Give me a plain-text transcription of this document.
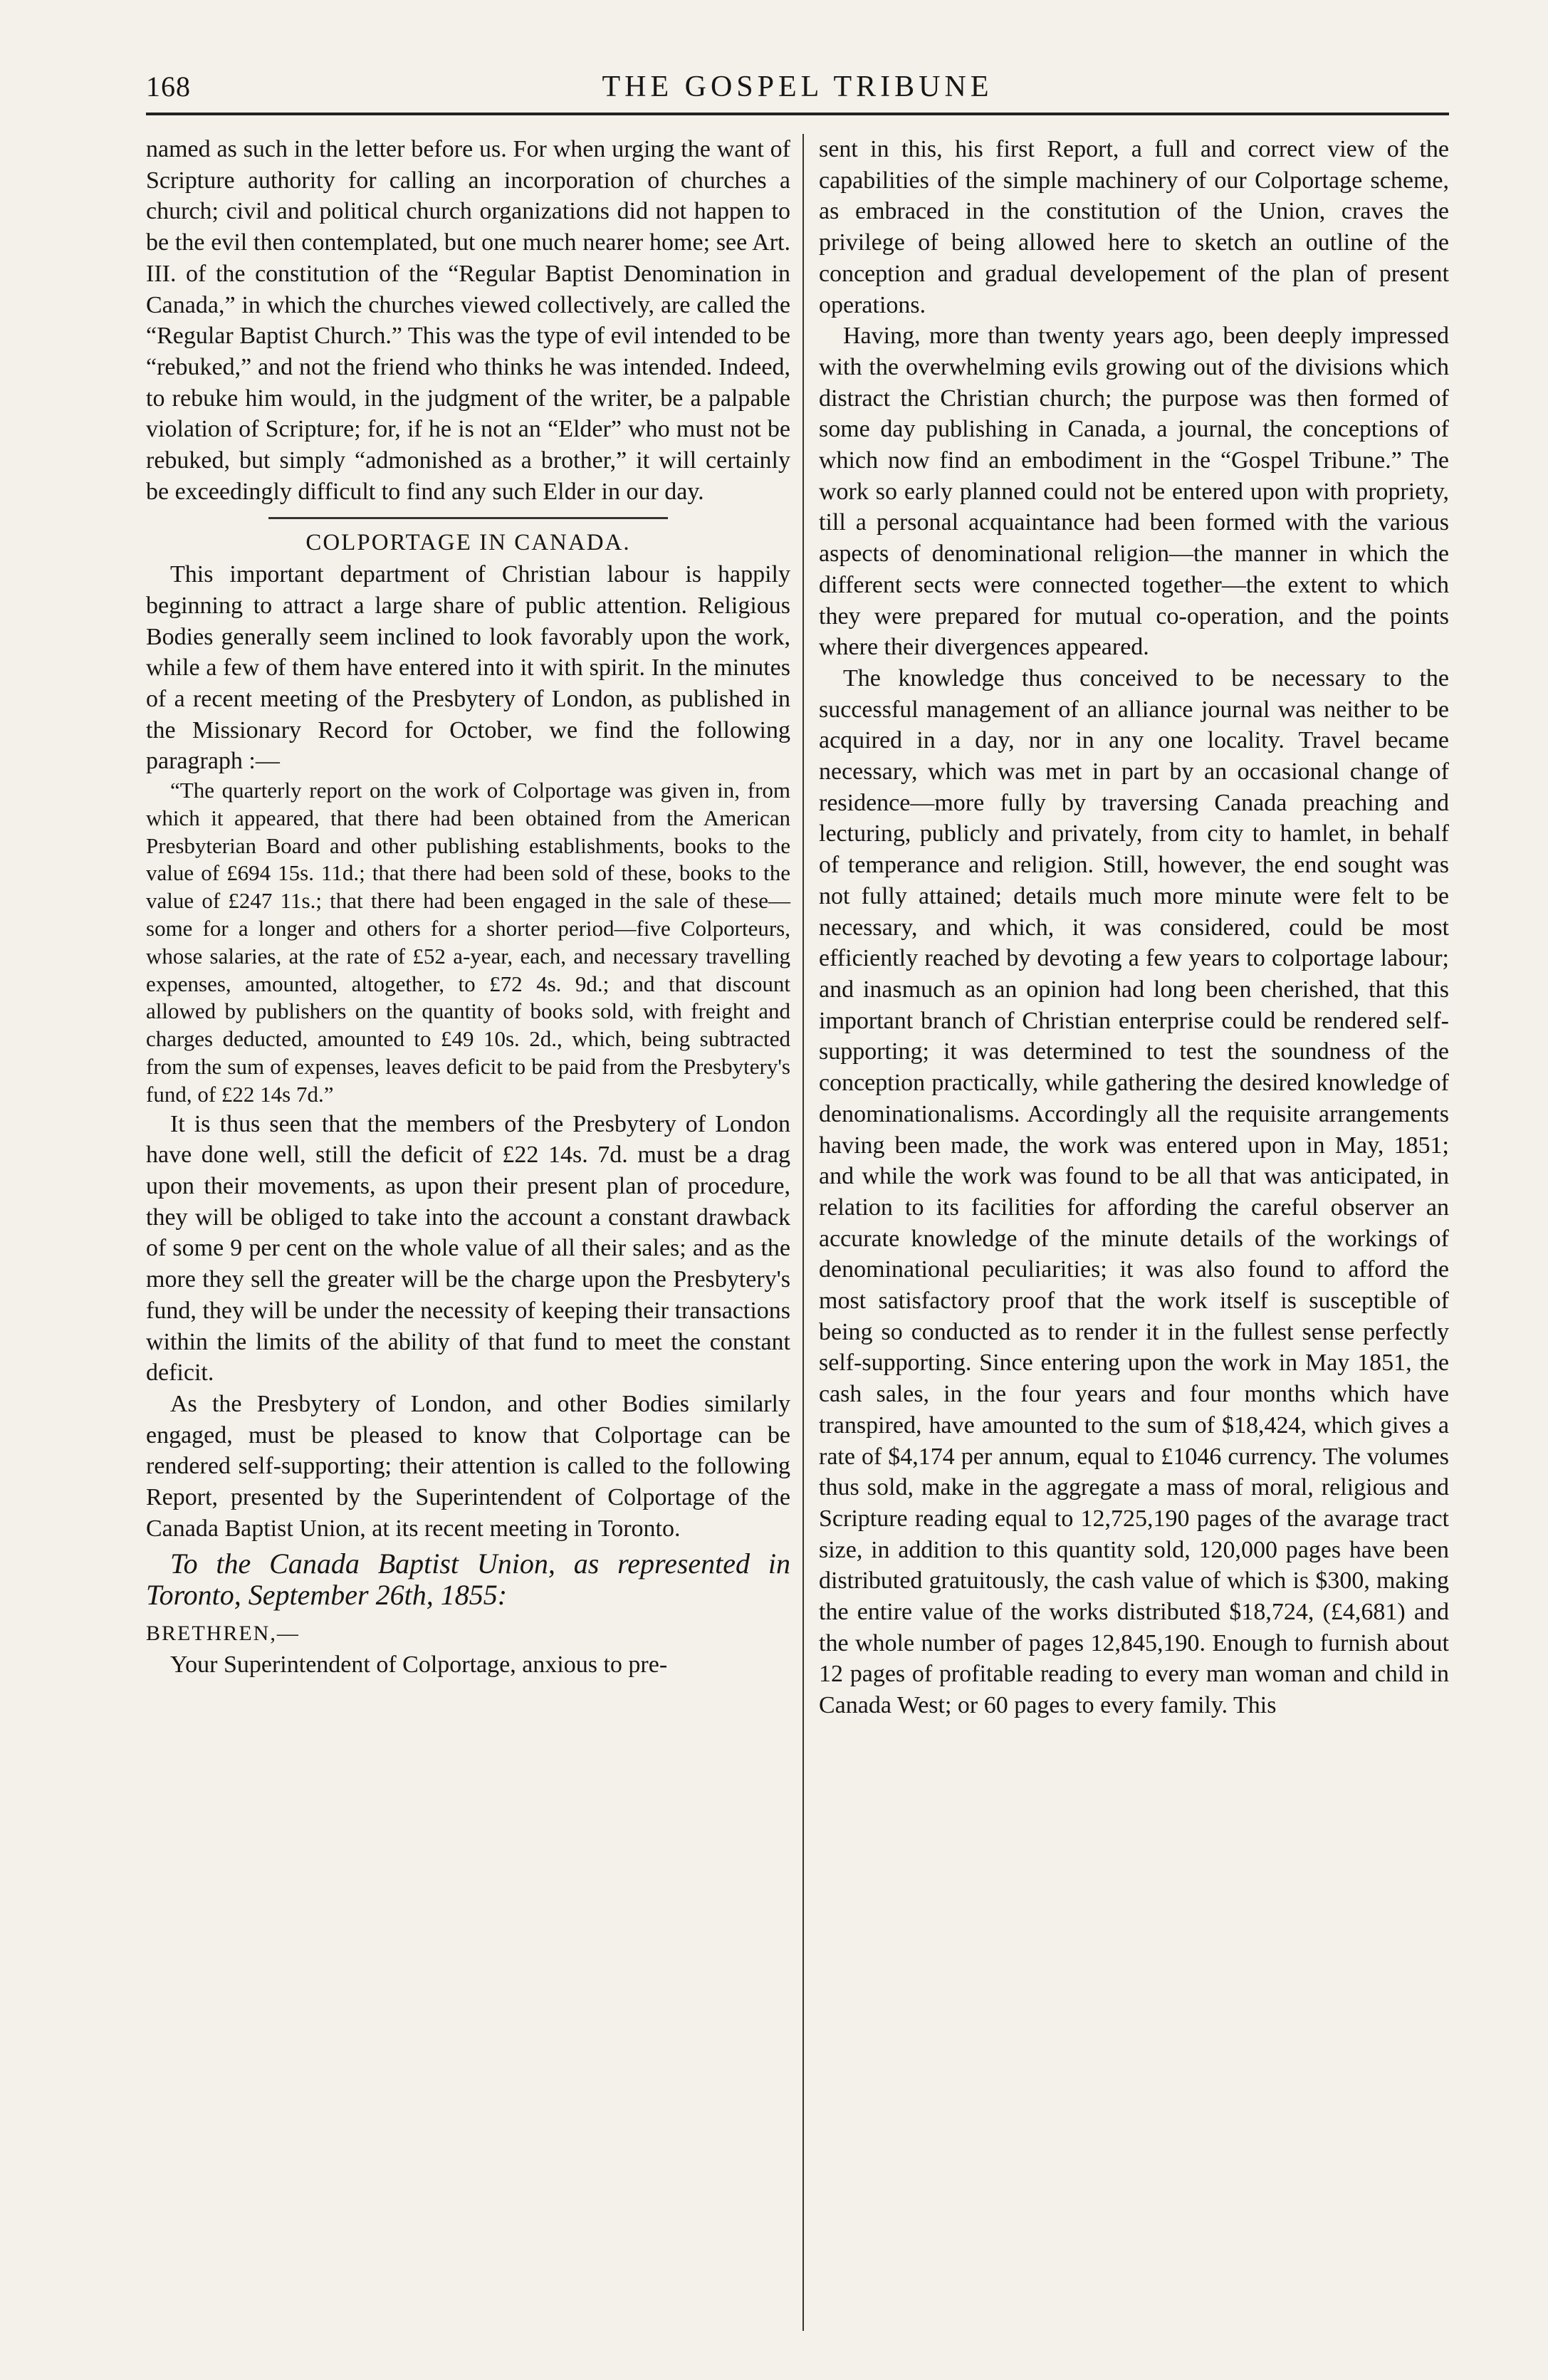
168	THE GOSPEL TRIBUNE

named as such in the letter before us. For when urging the want of Scripture authority for calling an incorporation of churches a church; civil and political church organizations did not happen to be the evil then contemplated, but one much nearer home; see Art. III. of the constitution of the “Regular Baptist Denomination in Canada,” in which the churches viewed collectively, are called the “Regular Baptist Church.” This was the type of evil intended to be “rebuked,” and not the friend who thinks he was intended. Indeed, to rebuke him would, in the judgment of the writer, be a palpable violation of Scripture; for, if he is not an “Elder” who must not be rebuked, but simply “admonished as a brother,” it will certainly be exceedingly difficult to find any such Elder in our day.

COLPORTAGE IN CANADA.

This important department of Christian labour is happily beginning to attract a large share of public attention. Religious Bodies generally seem inclined to look favorably upon the work, while a few of them have entered into it with spirit. In the minutes of a recent meeting of the Presbytery of London, as published in the Missionary Record for October, we find the following paragraph :—

“The quarterly report on the work of Colportage was given in, from which it appeared, that there had been obtained from the American Presbyterian Board and other publishing establishments, books to the value of £694 15s. 11d.; that there had been sold of these, books to the value of £247 11s.; that there had been engaged in the sale of these—some for a longer and others for a shorter period—five Colporteurs, whose salaries, at the rate of £52 a-year, each, and necessary travelling expenses, amounted, altogether, to £72 4s. 9d.; and that discount allowed by publishers on the quantity of books sold, with freight and charges deducted, amounted to £49 10s. 2d., which, being subtracted from the sum of expenses, leaves deficit to be paid from the Presbytery's fund, of £22 14s 7d.”

It is thus seen that the members of the Presbytery of London have done well, still the deficit of £22 14s. 7d. must be a drag upon their movements, as upon their present plan of procedure, they will be obliged to take into the account a constant drawback of some 9 per cent on the whole value of all their sales; and as the more they sell the greater will be the charge upon the Presbytery's fund, they will be under the necessity of keeping their transactions within the limits of the ability of that fund to meet the constant deficit.

As the Presbytery of London, and other Bodies similarly engaged, must be pleased to know that Colportage can be rendered self-supporting; their attention is called to the following Report, presented by the Superintendent of Colportage of the Canada Baptist Union, at its recent meeting in Toronto.

To the Canada Baptist Union, as represented in Toronto, September 26th, 1855:

BRETHREN,—

Your Superintendent of Colportage, anxious to pre-

sent in this, his first Report, a full and correct view of the capabilities of the simple machinery of our Colportage scheme, as embraced in the constitution of the Union, craves the privilege of being allowed here to sketch an outline of the conception and gradual developement of the plan of present operations.

Having, more than twenty years ago, been deeply impressed with the overwhelming evils growing out of the divisions which distract the Christian church; the purpose was then formed of some day publishing in Canada, a journal, the conceptions of which now find an embodiment in the “Gospel Tribune.” The work so early planned could not be entered upon with propriety, till a personal acquaintance had been formed with the various aspects of denominational religion—the manner in which the different sects were connected together—the extent to which they were prepared for mutual co-operation, and the points where their divergences appeared.

The knowledge thus conceived to be necessary to the successful management of an alliance journal was neither to be acquired in a day, nor in any one locality. Travel became necessary, which was met in part by an occasional change of residence—more fully by traversing Canada preaching and lecturing, publicly and privately, from city to hamlet, in behalf of temperance and religion. Still, however, the end sought was not fully attained; details much more minute were felt to be necessary, and which, it was considered, could be most efficiently reached by devoting a few years to colportage labour; and inasmuch as an opinion had long been cherished, that this important branch of Christian enterprise could be rendered self-supporting; it was determined to test the soundness of the conception practically, while gathering the desired knowledge of denominationalisms. Accordingly all the requisite arrangements having been made, the work was entered upon in May, 1851; and while the work was found to be all that was anticipated, in relation to its facilities for affording the careful observer an accurate knowledge of the minute details of the workings of denominational peculiarities; it was also found to afford the most satisfactory proof that the work itself is susceptible of being so conducted as to render it in the fullest sense perfectly self-supporting. Since entering upon the work in May 1851, the cash sales, in the four years and four months which have transpired, have amounted to the sum of $18,424, which gives a rate of $4,174 per annum, equal to £1046 currency. The volumes thus sold, make in the aggregate a mass of moral, religious and Scripture reading equal to 12,725,190 pages of the avarage tract size, in addition to this quantity sold, 120,000 pages have been distributed gratuitously, the cash value of which is $300, making the entire value of the works distributed $18,724, (£4,681) and the whole number of pages 12,845,190. Enough to furnish about 12 pages of profitable reading to every man woman and child in Canada West; or 60 pages to every family. This
